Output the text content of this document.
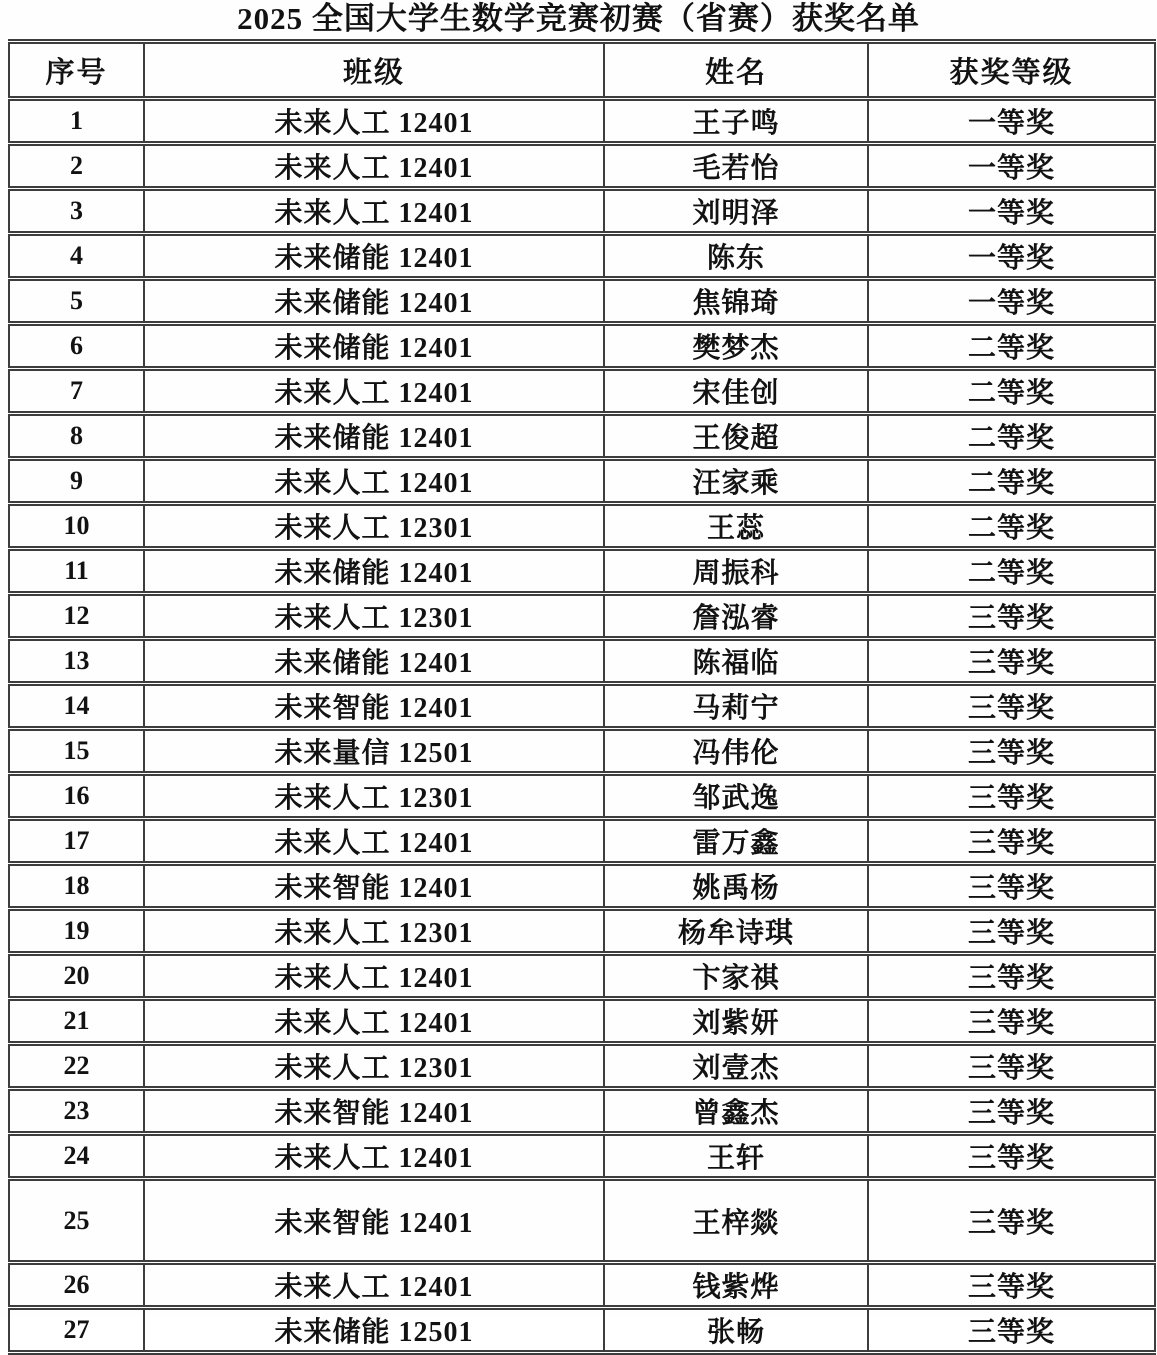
2025 全国大学生数学竞赛初赛（省赛）获奖名单
序号	班级	姓名	获奖等级
1	未来人工 12401	王子鸣	一等奖
2	未来人工 12401	毛若怡	一等奖
3	未来人工 12401	刘明泽	一等奖
4	未来储能 12401	陈东	一等奖
5	未来储能 12401	焦锦琦	一等奖
6	未来储能 12401	樊梦杰	二等奖
7	未来人工 12401	宋佳创	二等奖
8	未来储能 12401	王俊超	二等奖
9	未来人工 12401	汪家乘	二等奖
10	未来人工 12301	王蕊	二等奖
11	未来储能 12401	周振科	二等奖
12	未来人工 12301	詹泓睿	三等奖
13	未来储能 12401	陈福临	三等奖
14	未来智能 12401	马莉宁	三等奖
15	未来量信 12501	冯伟伦	三等奖
16	未来人工 12301	邹武逸	三等奖
17	未来人工 12401	雷万鑫	三等奖
18	未来智能 12401	姚禹杨	三等奖
19	未来人工 12301	杨牟诗琪	三等奖
20	未来人工 12401	卞家祺	三等奖
21	未来人工 12401	刘紫妍	三等奖
22	未来人工 12301	刘壹杰	三等奖
23	未来智能 12401	曾鑫杰	三等奖
24	未来人工 12401	王轩	三等奖
25	未来智能 12401	王梓燚	三等奖
26	未来人工 12401	钱紫烨	三等奖
27	未来储能 12501	张畅	三等奖
